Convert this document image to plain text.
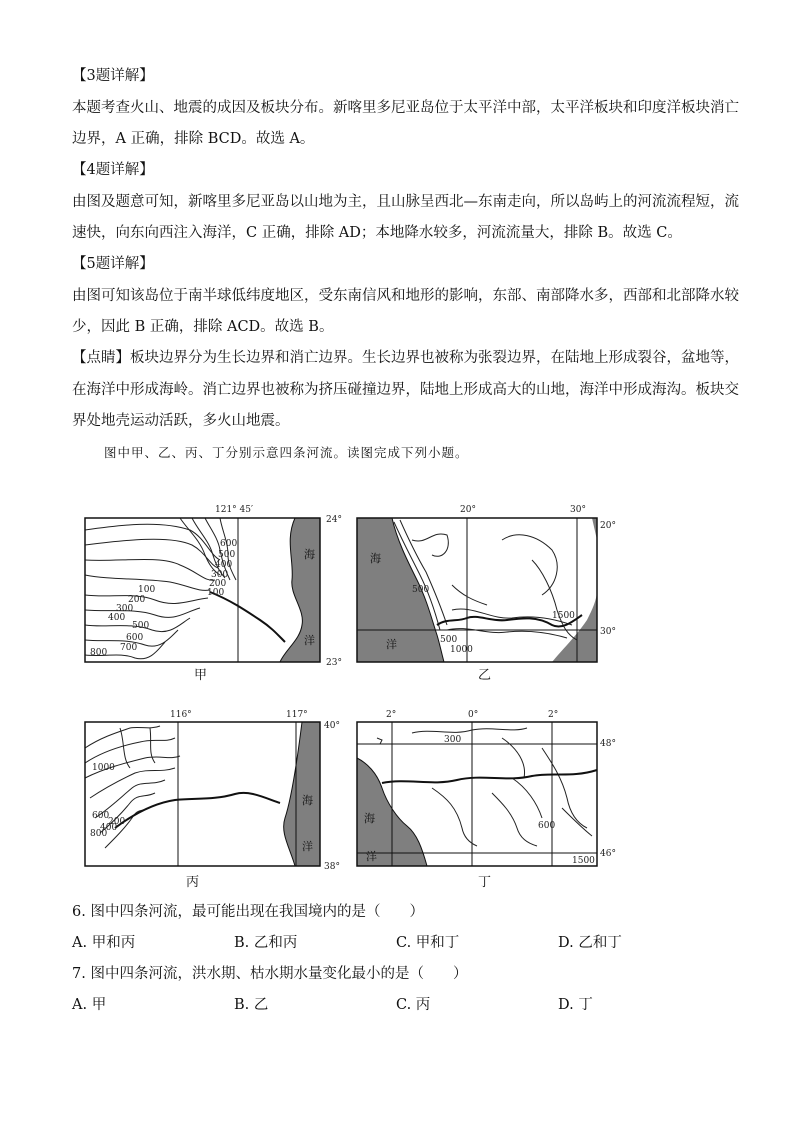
【3题详解】
本题考查火山、地震的成因及板块分布。新喀里多尼亚岛位于太平洋中部，太平洋板块和印度洋板块消亡
边界，A 正确，排除 BCD。故选 A。
【4题详解】
由图及题意可知，新喀里多尼亚岛以山地为主，且山脉呈西北—东南走向，所以岛屿上的河流流程短，流
速快，向东向西注入海洋，C 正确，排除 AD；本地降水较多，河流流量大，排除 B。故选 C。
【5题详解】
由图可知该岛位于南半球低纬度地区，受东南信风和地形的影响，东部、南部降水多，西部和北部降水较
少，因此 B 正确，排除 ACD。故选 B。
【点睛】板块边界分为生长边界和消亡边界。生长边界也被称为张裂边界，在陆地上形成裂谷，盆地等，
在海洋中形成海岭。消亡边界也被称为挤压碰撞边界，陆地上形成高大的山地，海洋中形成海沟。板块交
界处地壳运动活跃，多火山地震。
图中甲、乙、丙、丁分别示意四条河流。读图完成下列小题。
121° 45′
24°
23°
海
洋
600
500
400
300
200
100
100
200
300
400
500
600
700
800
甲
20°	30°
20°
30°
海
洋
500
1500
500
1000
乙
116°	117°
40°
38°
海
洋
1000
600
800
400
200
丙
2°	0°	2°
48°
46°
海
洋
300
600
1500
丁
6. 图中四条河流，最可能出现在我国境内的是（　　）
A. 甲和丙	B. 乙和丙	C. 甲和丁	D. 乙和丁
7. 图中四条河流，洪水期、枯水期水量变化最小的是（　　）
A. 甲	B. 乙	C. 丙	D. 丁
